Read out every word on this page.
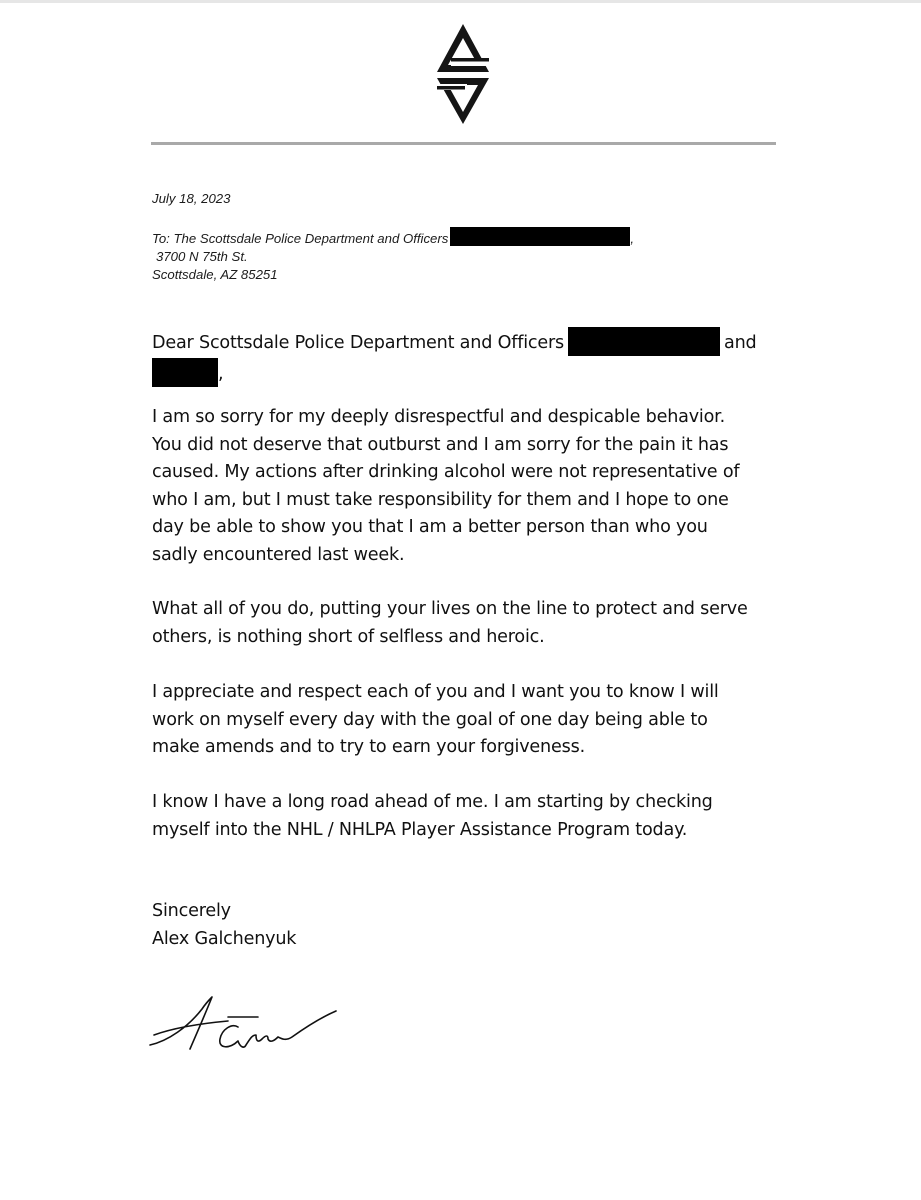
July 18, 2023
To: The Scottsdale Police Department and Officers	,
3700 N 75th St.
Scottsdale, AZ 85251
Dear Scottsdale Police Department and Officers	and
,
I am so sorry for my deeply disrespectful and despicable behavior.
You did not deserve that outburst and I am sorry for the pain it has
caused. My actions after drinking alcohol were not representative of
who I am, but I must take responsibility for them and I hope to one
day be able to show you that I am a better person than who you
sadly encountered last week.
What all of you do, putting your lives on the line to protect and serve
others, is nothing short of selfless and heroic.
I appreciate and respect each of you and I want you to know I will
work on myself every day with the goal of one day being able to
make amends and to try to earn your forgiveness.
I know I have a long road ahead of me. I am starting by checking
myself into the NHL / NHLPA Player Assistance Program today.
Sincerely
Alex Galchenyuk
